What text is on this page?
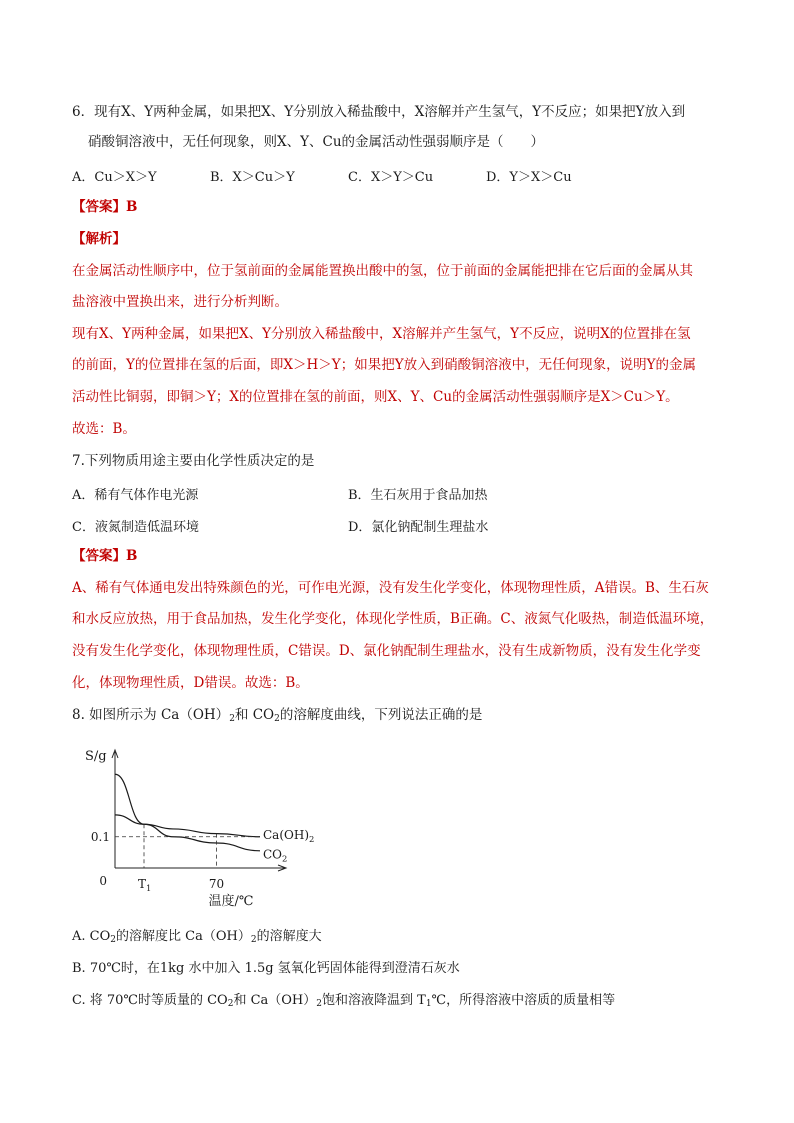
6．现有X、Y两种金属，如果把X、Y分别放入稀盐酸中，X溶解并产生氢气，Y不反应；如果把Y放入到
硝酸铜溶液中，无任何现象，则X、Y、Cu的金属活动性强弱顺序是（　　）
A．Cu＞X＞Y	B．X＞Cu＞Y	C．X＞Y＞Cu	D．Y＞X＞Cu
【答案】B
【解析】
在金属活动性顺序中，位于氢前面的金属能置换出酸中的氢，位于前面的金属能把排在它后面的金属从其
盐溶液中置换出来，进行分析判断。
现有X、Y两种金属，如果把X、Y分别放入稀盐酸中，X溶解并产生氢气，Y不反应，说明X的位置排在氢
的前面，Y的位置排在氢的后面，即X＞H＞Y；如果把Y放入到硝酸铜溶液中，无任何现象，说明Y的金属
活动性比铜弱，即铜＞Y；X的位置排在氢的前面，则X、Y、Cu的金属活动性强弱顺序是X＞Cu＞Y。
故选：B。
7.下列物质用途主要由化学性质决定的是
A．稀有气体作电光源	B．生石灰用于食品加热
C．液氮制造低温环境	D．氯化钠配制生理盐水
【答案】B
A、稀有气体通电发出特殊颜色的光，可作电光源，没有发生化学变化，体现物理性质，A错误。B、生石灰
和水反应放热，用于食品加热，发生化学变化，体现化学性质，B正确。C、液氮气化吸热，制造低温环境，
没有发生化学变化，体现物理性质，C错误。D、氯化钠配制生理盐水，没有生成新物质，没有发生化学变
化，体现物理性质，D错误。故选：B。
8. 如图所示为 $Ca(OH)_2$和 $CO_2$的溶解度曲线，下列说法正确的是
S/g
0
0.1
$T_1$	70
温度/℃
$Ca(OH)_2$
$CO_2$
A. $CO_2$的溶解度比 $Ca(OH)_2$的溶解度大
B. 70℃时，在1kg 水中加入 1.5g 氢氧化钙固体能得到澄清石灰水
C. 将 70℃时等质量的 $CO_2$和 $Ca(OH)_2$饱和溶液降温到 $T_1℃$，所得溶液中溶质的质量相等
